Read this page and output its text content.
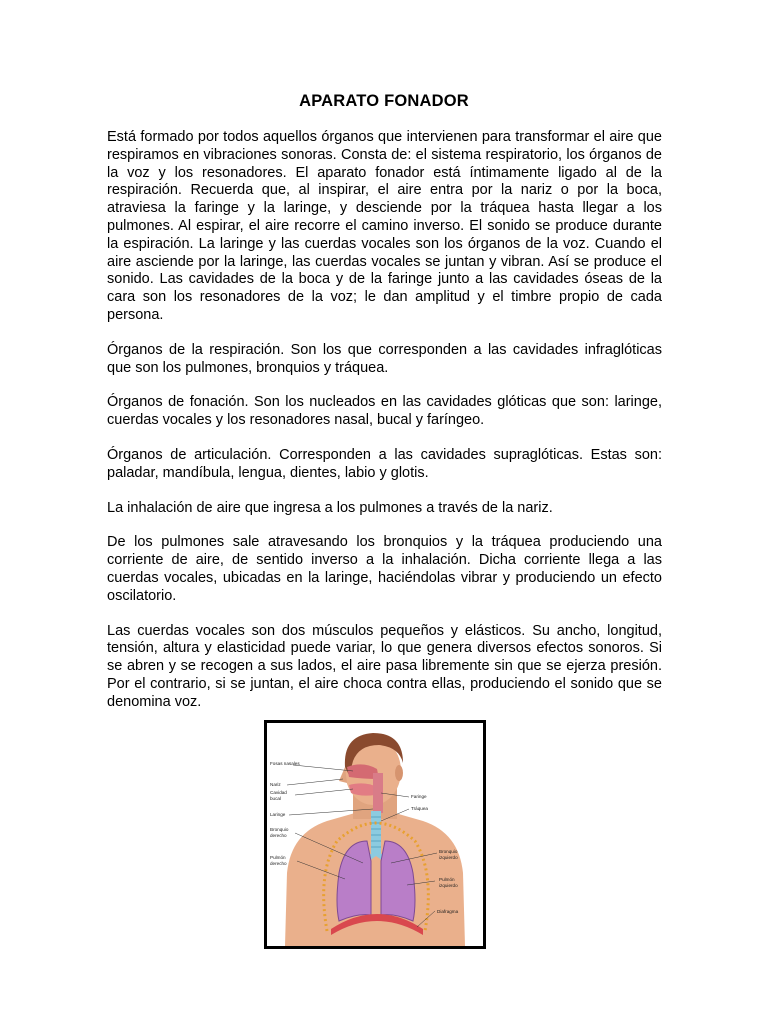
APARATO FONADOR

Está formado por todos aquellos órganos que intervienen para transformar el aire que respiramos en vibraciones sonoras. Consta de: el sistema respiratorio, los órganos de la voz y los resonadores. El aparato fonador está íntimamente ligado al de la respiración. Recuerda que, al inspirar, el aire entra por la nariz o por la boca, atraviesa la faringe y la laringe, y desciende por la tráquea hasta llegar a los pulmones. Al espirar, el aire recorre el camino inverso. El sonido se produce durante la espiración. La laringe y las cuerdas vocales son los órganos de la voz. Cuando el aire asciende por la laringe, las cuerdas vocales se juntan y vibran. Así se produce el sonido. Las cavidades de la boca y de la faringe junto a las cavidades óseas de la cara son los resonadores de la voz; le dan amplitud y el timbre propio de cada persona.

Órganos de la respiración. Son los que corresponden a las cavidades infraglóticas que son los pulmones, bronquios y tráquea.

Órganos de fonación. Son los nucleados en las cavidades glóticas que son: laringe, cuerdas vocales y los resonadores nasal, bucal y faríngeo.

Órganos de articulación. Corresponden a las cavidades supraglóticas. Estas son: paladar, mandíbula, lengua, dientes, labio y glotis.

La inhalación de aire que ingresa a los pulmones a través de la nariz.

De los pulmones sale atravesando los bronquios y la tráquea produciendo una corriente de aire, de sentido inverso a la inhalación. Dicha corriente llega a las cuerdas vocales, ubicadas en la laringe, haciéndolas vibrar y produciendo un efecto oscilatorio.

Las cuerdas vocales son dos músculos pequeños y elásticos. Su ancho, longitud, tensión, altura y elasticidad puede variar, lo que genera diversos efectos sonoros. Si se abren y se recogen a sus lados, el aire pasa libremente sin que se ejerza presión. Por el contrario, si se juntan, el aire choca contra ellas, produciendo el sonido que se denomina voz.

Fosas nasales
Nariz
Cavidad
bucal
Laringe
Bronquio
derecho
Pulmón
derecho
Faringe
Tráquea
Bronquio
izquierdo
Pulmón
izquierdo
Diafragma
